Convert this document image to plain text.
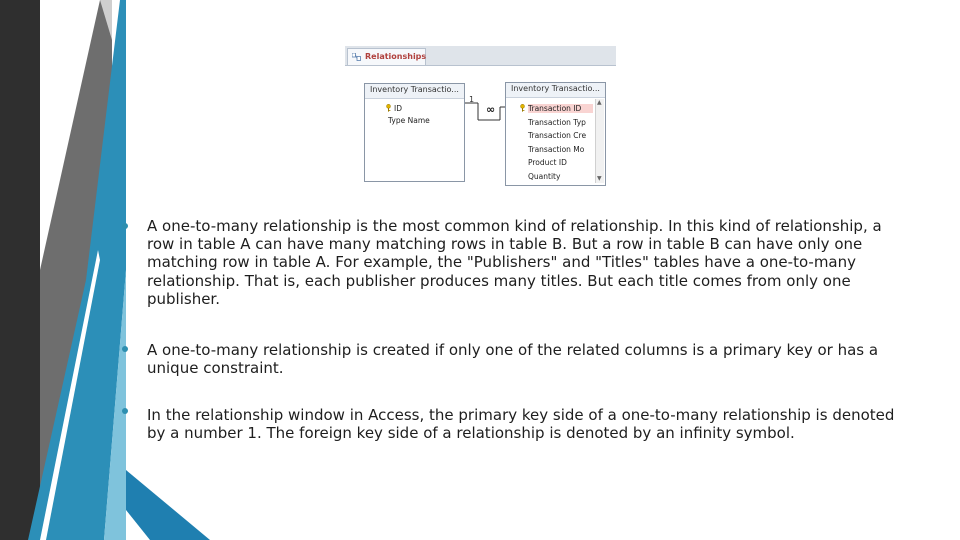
Relationships
Inventory Transactio...
ID
Type Name
1
∞
Inventory Transactio...
Transaction ID
Transaction Typ
Transaction Cre
Transaction Mo
Product ID
Quantity
▲
▼
A one-to-many relationship is the most common kind of relationship. In this kind of relationship, a row in table A can have many matching rows in table B. But a row in table B can have only one matching row in table A. For example, the "Publishers" and "Titles" tables have a one-to-many relationship. That is, each publisher produces many titles. But each title comes from only one publisher.
A one-to-many relationship is created if only one of the related columns is a primary key or has a unique constraint.
In the relationship window in Access, the primary key side of a one-to-many relationship is denoted by a number 1. The foreign key side of a relationship is denoted by an infinity symbol.
